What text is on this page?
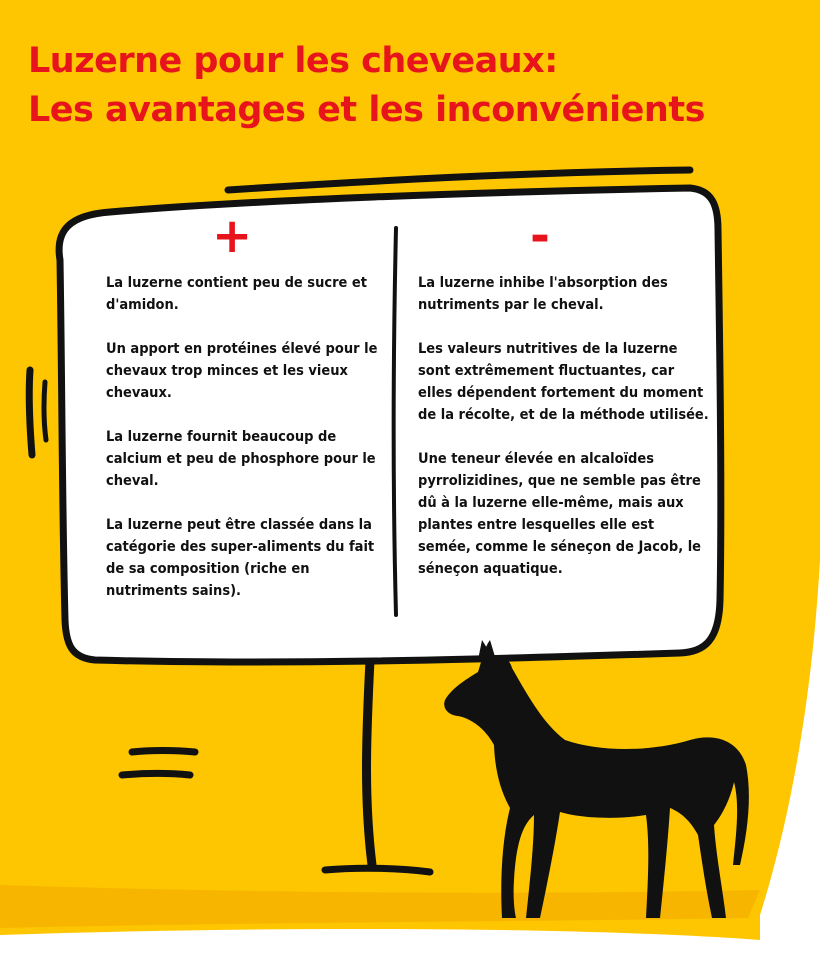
Luzerne pour les cheveaux:
Les avantages et les inconvénients
+	-

La luzerne contient peu de sucre et d'amidon.

Un apport en protéines élevé pour le chevaux trop minces et les vieux chevaux.

La luzerne fournit beaucoup de calcium et peu de phosphore pour le cheval.

La luzerne peut être classée dans la catégorie des super-aliments du fait de sa composition (riche en nutriments sains).

La luzerne inhibe l'absorption des nutriments par le cheval.

Les valeurs nutritives de la luzerne sont extrêmement fluctuantes, car elles dépendent fortement du moment de la récolte, et de la méthode utilisée.

Une teneur élevée en alcaloïdes pyrrolizidines, que ne semble pas être dû à la luzerne elle-même, mais aux plantes entre lesquelles elle est semée, comme le séneçon de Jacob, le séneçon aquatique.
